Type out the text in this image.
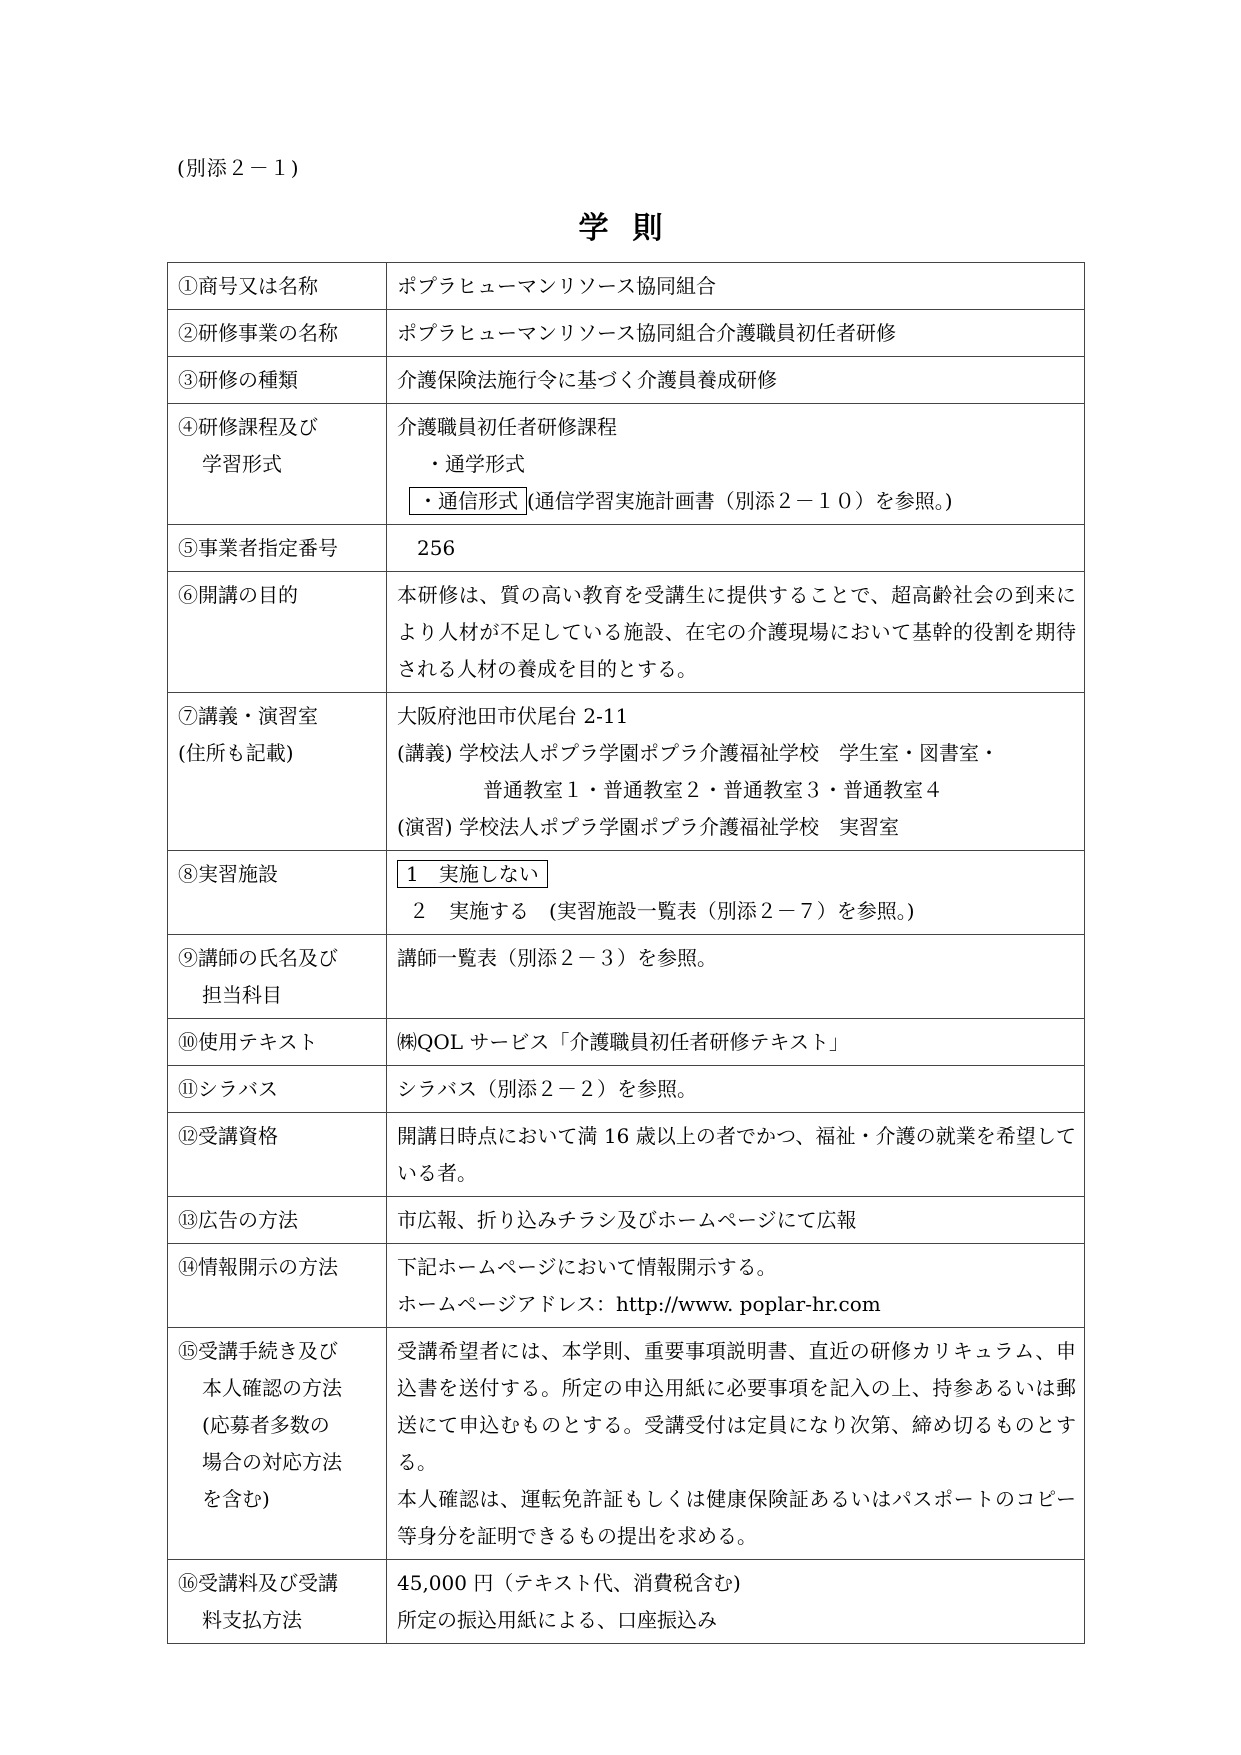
(別添２－１)
学 則
①商号又は名称	ポプラヒューマンリソース協同組合
②研修事業の名称	ポプラヒューマンリソース協同組合介護職員初任者研修
③研修の種類	介護保険法施行令に基づく介護員養成研修

④研修課程及び
学習形式	介護職員初任者研修課程
・通学形式
・通信形式 (通信学習実施計画書（別添２－１０）を参照。)

⑤事業者指定番号	256
⑥開講の目的	本研修は、質の高い教育を受講生に提供することで、超高齢社会の到来により人材が不足している施設、在宅の介護現場において基幹的役割を期待される人材の養成を目的とする。

⑦講義・演習室
(住所も記載)	大阪府池田市伏尾台 2-11
(講義) 学校法人ポプラ学園ポプラ介護福祉学校　学生室・図書室・
普通教室１・普通教室２・普通教室３・普通教室４
(演習) 学校法人ポプラ学園ポプラ介護福祉学校　実習室

⑧実習施設	1　実施しない
２　実施する　(実習施設一覧表（別添２－７）を参照。)

⑨講師の氏名及び
担当科目	講師一覧表（別添２－３）を参照。
⑩使用テキスト	㈱QOL サービス「介護職員初任者研修テキスト」
⑪シラバス	シラバス（別添２－２）を参照。
⑫受講資格	開講日時点において満 16 歳以上の者でかつ、福祉・介護の就業を希望している者。
⑬広告の方法	市広報、折り込みチラシ及びホームページにて広報
⑭情報開示の方法	下記ホームページにおいて情報開示する。
ホームページアドレス：http://www. poplar-hr.com

⑮受講手続き及び
本人確認の方法
(応募者多数の
場合の対応方法
を含む)	受講希望者には、本学則、重要事項説明書、直近の研修カリキュラム、申込書を送付する。所定の申込用紙に必要事項を記入の上、持参あるいは郵送にて申込むものとする。受講受付は定員になり次第、締め切るものとする。
本人確認は、運転免許証もしくは健康保険証あるいはパスポートのコピー等身分を証明できるもの提出を求める。

⑯受講料及び受講
料支払方法	45,000 円（テキスト代、消費税含む)
所定の振込用紙による、口座振込み
